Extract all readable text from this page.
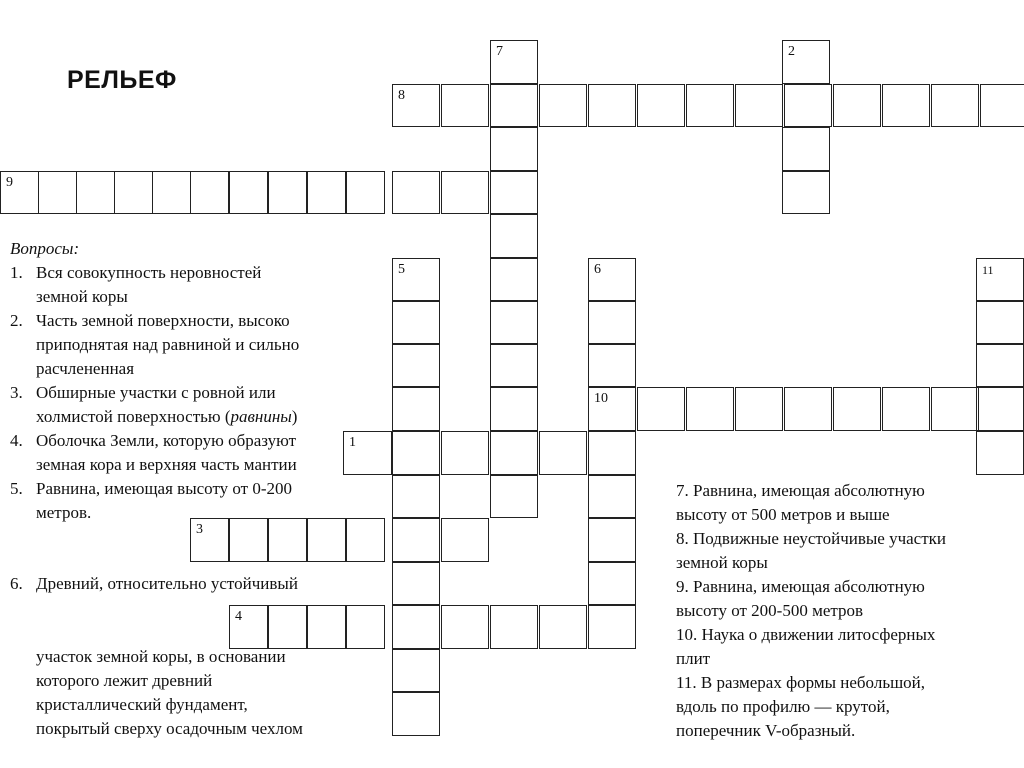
РЕЛЬЕФ
8
9
7	2
5	6
10
11
1
3
4
Вопросы:
1. Вся совокупность неровностей
земной коры
2. Часть земной поверхности, высоко
приподнятая над равниной и сильно
расчлененная
3. Обширные участки с ровной или
холмистой поверхностью (равнины)
4. Оболочка Земли, которую образуют
земная кора и верхняя часть мантии
5. Равнина, имеющая высоту от 0-200
метров.
6. Древний, относительно устойчивый
участок земной коры, в основании
которого лежит древний
кристаллический фундамент,
покрытый сверху осадочным чехлом
7. Равнина, имеющая абсолютную
высоту от 500 метров и выше
8. Подвижные неустойчивые участки
земной коры
9. Равнина, имеющая абсолютную
высоту от 200-500 метров
10. Наука о движении литосферных
плит
11. В размерах формы небольшой,
вдоль по профилю — крутой,
поперечник V-образный.
